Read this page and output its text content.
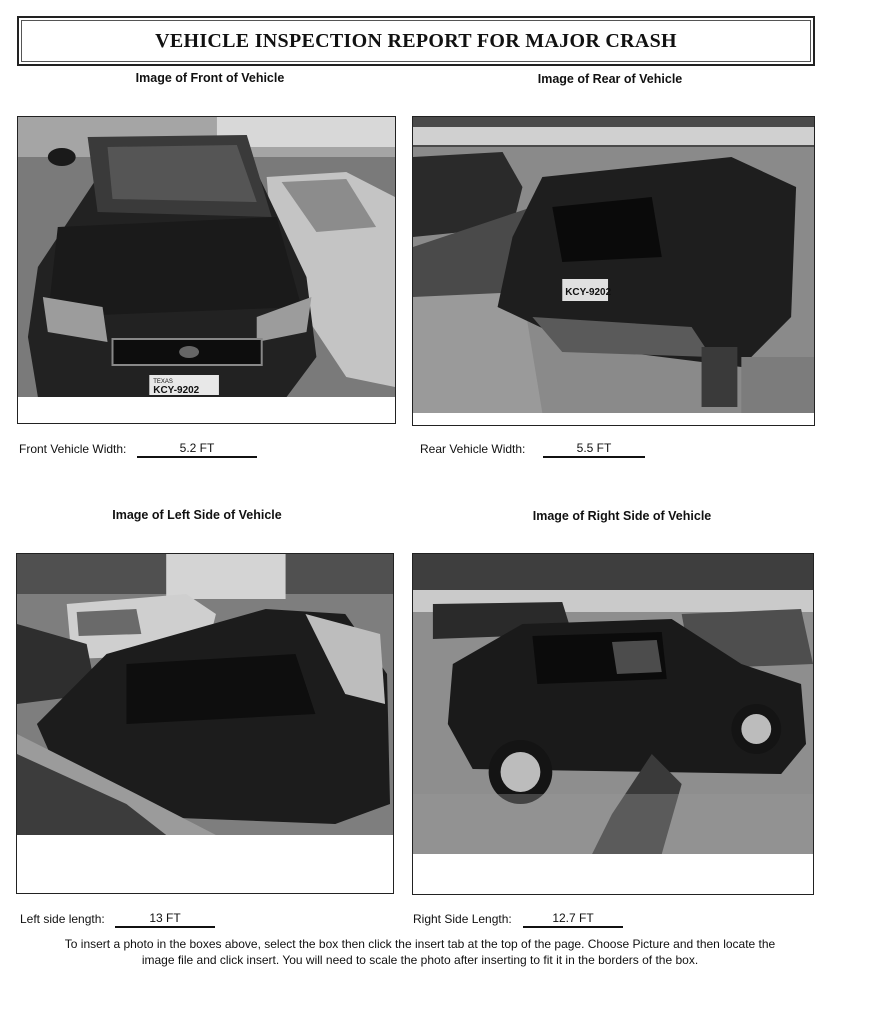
VEHICLE INSPECTION REPORT FOR MAJOR CRASH
Image of Front of Vehicle	Image of Rear of Vehicle
TEXAS
KCY-9202
KCY-9202
Front Vehicle Width:	5.2 FT	Rear Vehicle Width:	5.5 FT
Image of Left Side of Vehicle	Image of Right Side of Vehicle
Left side length:	13 FT	Right Side Length:	12.7 FT
To insert a photo in the boxes above, select the box then click the insert tab at the top of the page. Choose Picture and then locate the image file and click insert. You will need to scale the photo after inserting to fit it in the borders of the box.
